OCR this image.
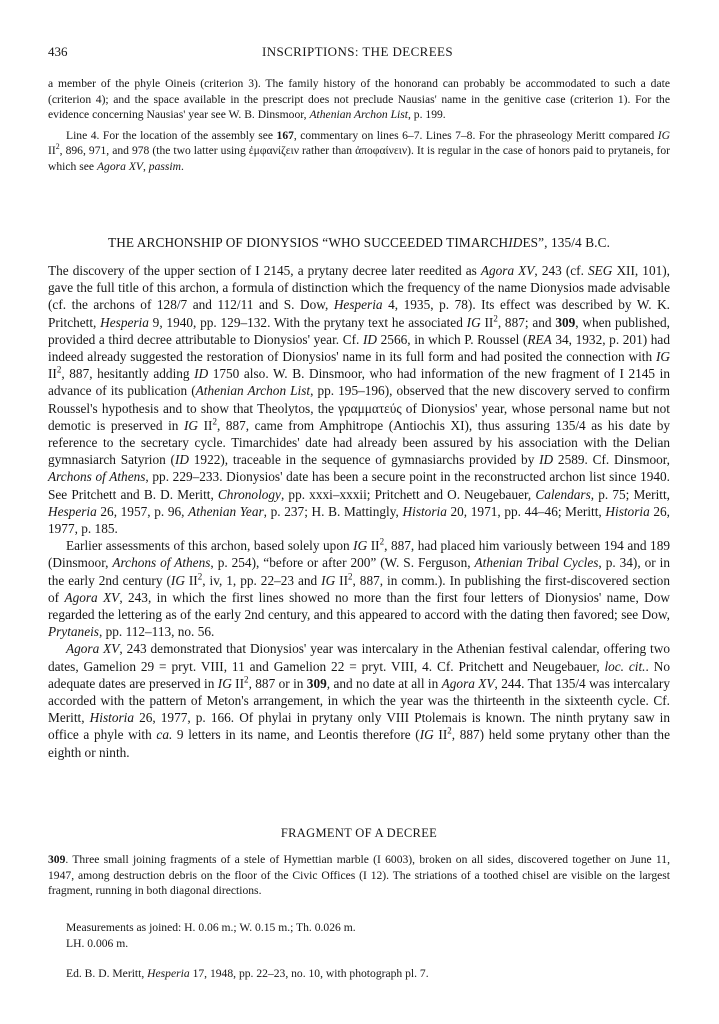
436	INSCRIPTIONS: THE DECREES

a member of the phyle Oineis (criterion 3). The family history of the honorand can probably be accommodated to such a date (criterion 4); and the space available in the prescript does not preclude Nausias' name in the genitive case (criterion 1). For the evidence concerning Nausias' year see W. B. Dinsmoor, Athenian Archon List, p. 199.

Line 4. For the location of the assembly see 167, commentary on lines 6–7. Lines 7–8. For the phraseology Meritt compared IG $II^2$, 896, 971, and 978 (the two latter using ἐμφανίζειν rather than ἀποφαίνειν). It is regular in the case of honors paid to prytaneis, for which see Agora XV, passim.

THE ARCHONSHIP OF DIONYSIOS “WHO SUCCEEDED TIMARCHIDES”, 135/4 B.C.

The discovery of the upper section of I 2145, a prytany decree later reedited as Agora XV, 243 (cf. SEG XII, 101), gave the full title of this archon, a formula of distinction which the frequency of the name Dionysios made advisable (cf. the archons of 128/7 and 112/11 and S. Dow, Hesperia 4, 1935, p. 78). Its effect was described by W. K. Pritchett, Hesperia 9, 1940, pp. 129–132. With the prytany text he associated IG $II^2$, 887; and 309, when published, provided a third decree attributable to Dionysios' year. Cf. ID 2566, in which P. Roussel (REA 34, 1932, p. 201) had indeed already suggested the restoration of Dionysios' name in its full form and had posited the connection with IG $II^2$, 887, hesitantly adding ID 1750 also. W. B. Dinsmoor, who had information of the new fragment of I 2145 in advance of its publication (Athenian Archon List, pp. 195–196), observed that the new discovery served to confirm Roussel's hypothesis and to show that Theolytos, the γραμματεύς of Dionysios' year, whose personal name but not demotic is preserved in IG $II^2$, 887, came from Amphitrope (Antiochis XI), thus assuring 135/4 as his date by reference to the secretary cycle. Timarchides' date had already been assured by his association with the Delian gymnasiarch Satyrion (ID 1922), traceable in the sequence of gymnasiarchs provided by ID 2589. Cf. Dinsmoor, Archons of Athens, pp. 229–233. Dionysios' date has been a secure point in the reconstructed archon list since 1940. See Pritchett and B. D. Meritt, Chronology, pp. xxxi–xxxii; Pritchett and O. Neugebauer, Calendars, p. 75; Meritt, Hesperia 26, 1957, p. 96, Athenian Year, p. 237; H. B. Mattingly, Historia 20, 1971, pp. 44–46; Meritt, Historia 26, 1977, p. 185.

Earlier assessments of this archon, based solely upon IG $II^2$, 887, had placed him variously between 194 and 189 (Dinsmoor, Archons of Athens, p. 254), “before or after 200” (W. S. Ferguson, Athenian Tribal Cycles, p. 34), or in the early 2nd century (IG $II^2$, iv, 1, pp. 22–23 and IG $II^2$, 887, in comm.). In publishing the first-discovered section of Agora XV, 243, in which the first lines showed no more than the first four letters of Dionysios' name, Dow regarded the lettering as of the early 2nd century, and this appeared to accord with the dating then favored; see Dow, Prytaneis, pp. 112–113, no. 56.

Agora XV, 243 demonstrated that Dionysios' year was intercalary in the Athenian festival calendar, offering two dates, Gamelion 29 = pryt. VIII, 11 and Gamelion 22 = pryt. VIII, 4. Cf. Pritchett and Neugebauer, loc. cit.. No adequate dates are preserved in IG $II^2$, 887 or in 309, and no date at all in Agora XV, 244. That 135/4 was intercalary accorded with the pattern of Meton's arrangement, in which the year was the thirteenth in the sixteenth cycle. Cf. Meritt, Historia 26, 1977, p. 166. Of phylai in prytany only VIII Ptolemais is known. The ninth prytany saw in office a phyle with ca. 9 letters in its name, and Leontis therefore (IG $II^2$, 887) held some prytany other than the eighth or ninth.

FRAGMENT OF A DECREE

309. Three small joining fragments of a stele of Hymettian marble (I 6003), broken on all sides, discovered together on June 11, 1947, among destruction debris on the floor of the Civic Offices (I 12). The striations of a toothed chisel are visible on the largest fragment, running in both diagonal directions.

Measurements as joined: H. 0.06 m.; W. 0.15 m.; Th. 0.026 m.

LH. 0.006 m.

Ed. B. D. Meritt, Hesperia 17, 1948, pp. 22–23, no. 10, with photograph pl. 7.
